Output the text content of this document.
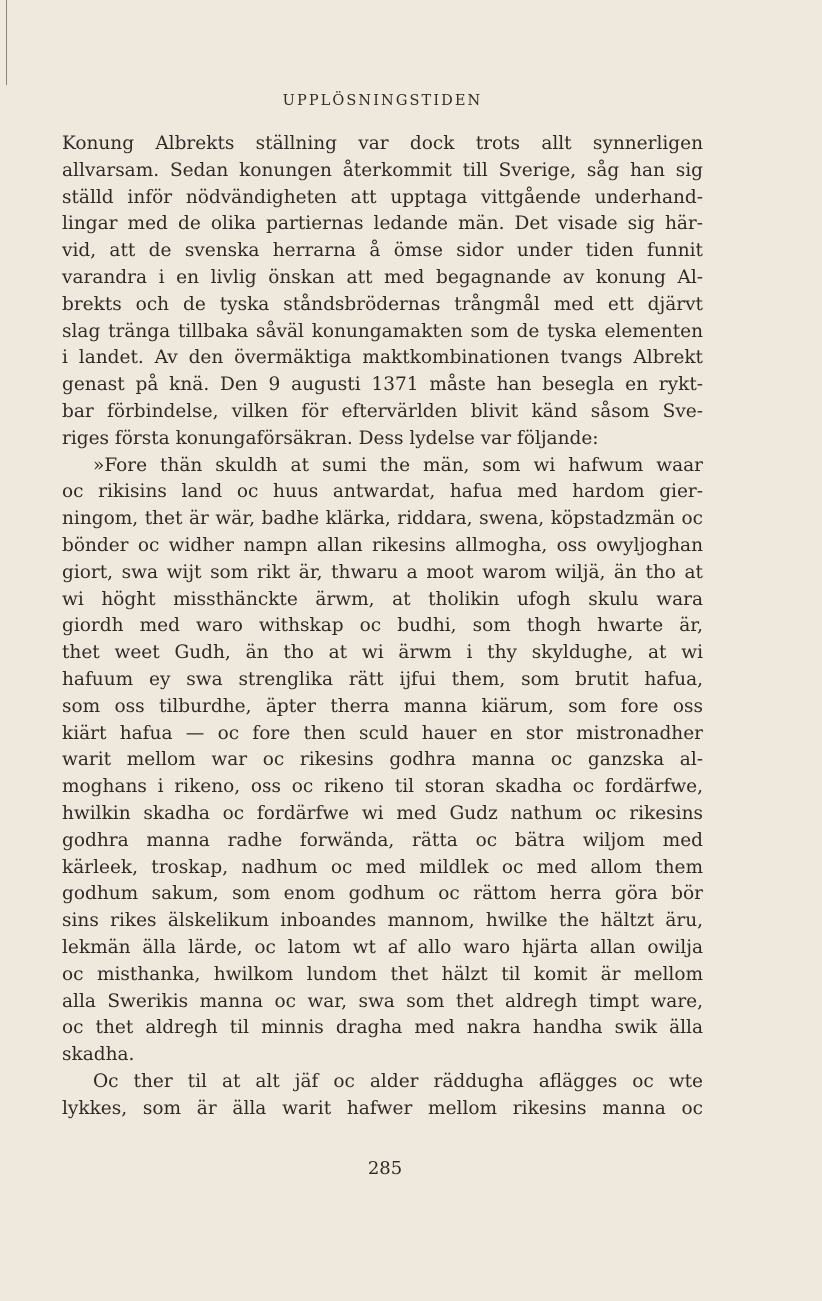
UPPLÖSNINGSTIDEN
Konung Albrekts ställning var dock trots allt synnerligen
allvarsam. Sedan konungen återkommit till Sverige, såg han sig
ställd inför nödvändigheten att upptaga vittgående underhand-
lingar med de olika partiernas ledande män. Det visade sig här-
vid, att de svenska herrarna å ömse sidor under tiden funnit
varandra i en livlig önskan att med begagnande av konung Al-
brekts och de tyska ståndsbrödernas trångmål med ett djärvt
slag tränga tillbaka såväl konungamakten som de tyska elementen
i landet. Av den övermäktiga maktkombinationen tvangs Albrekt
genast på knä. Den 9 augusti 1371 måste han besegla en rykt-
bar förbindelse, vilken för eftervärlden blivit känd såsom Sve-
riges första konungaförsäkran. Dess lydelse var följande:
»Fore thän skuldh at sumi the män, som wi hafwum waar
oc rikisins land oc huus antwardat, hafua med hardom gier-
ningom, thet är wär, badhe klärka, riddara, swena, köpstadzmän oc
bönder oc widher nampn allan rikesins allmogha, oss owyljoghan
giort, swa wijt som rikt är, thwaru a moot warom wiljä, än tho at
wi höght missthänckte ärwm, at tholikin ufogh skulu wara
giordh med waro withskap oc budhi, som thogh hwarte är,
thet weet Gudh, än tho at wi ärwm i thy skyldughe, at wi
hafuum ey swa strenglika rätt ijfui them, som brutit hafua,
som oss tilburdhe, äpter therra manna kiärum, som fore oss
kiärt hafua — oc fore then sculd hauer en stor mistronadher
warit mellom war oc rikesins godhra manna oc ganzska al-
moghans i rikeno, oss oc rikeno til storan skadha oc fordärfwe,
hwilkin skadha oc fordärfwe wi med Gudz nathum oc rikesins
godhra manna radhe forwända, rätta oc bätra wiljom med
kärleek, troskap, nadhum oc med mildlek oc med allom them
godhum sakum, som enom godhum oc rättom herra göra bör
sins rikes älskelikum inboandes mannom, hwilke the hältzt äru,
lekmän älla lärde, oc latom wt af allo waro hjärta allan owilja
oc misthanka, hwilkom lundom thet hälzt til komit är mellom
alla Swerikis manna oc war, swa som thet aldregh timpt ware,
oc thet aldregh til minnis dragha med nakra handha swik älla
skadha.
Oc ther til at alt jäf oc alder räddugha aflägges oc wte
lykkes, som är älla warit hafwer mellom rikesins manna oc
285
